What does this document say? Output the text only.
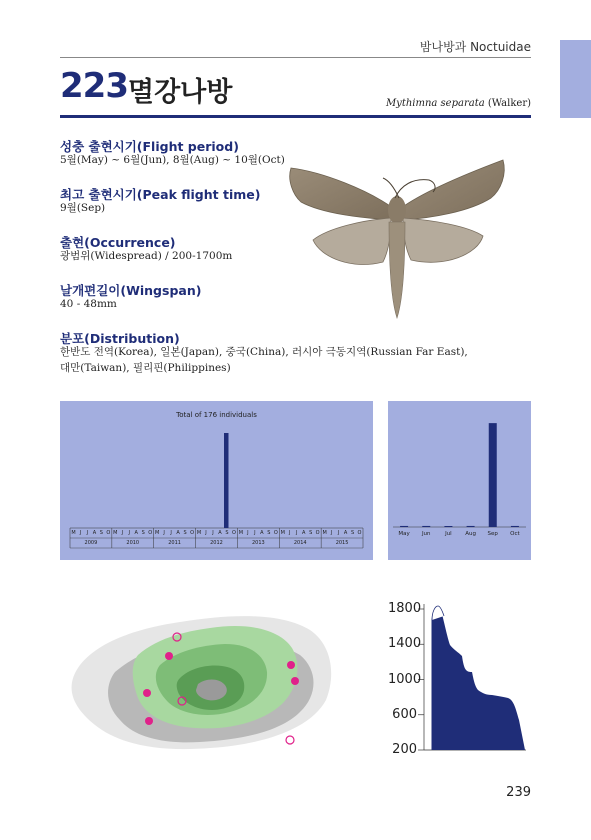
밤나방과 Noctuidae
223 멸강나방	Mythimna separata (Walker)
성충 출현시기(Flight period)
5월(May) ~ 6월(Jun), 8월(Aug) ~ 10월(Oct)
최고 출현시기(Peak flight time)
9월(Sep)
출현(Occurrence)
광범위(Widespread) / 200-1700m
날개편길이(Wingspan)
40 - 48mm
분포(Distribution)
한반도 전역(Korea), 일본(Japan), 중국(China), 러시아 극동지역(Russian Far East),
대만(Taiwan), 필리핀(Philippines)
Total of 176 individuals
M J	J A S O M J	J A S O M J	J A S O M J	J A S O M J	J A S O M J	J A S O M J	J A S O
2009	2010	2011	2012	2013	2014	2015
May	Jun	Jul	Aug	Sep	Oct
1800
1400
1000
600
200
239
